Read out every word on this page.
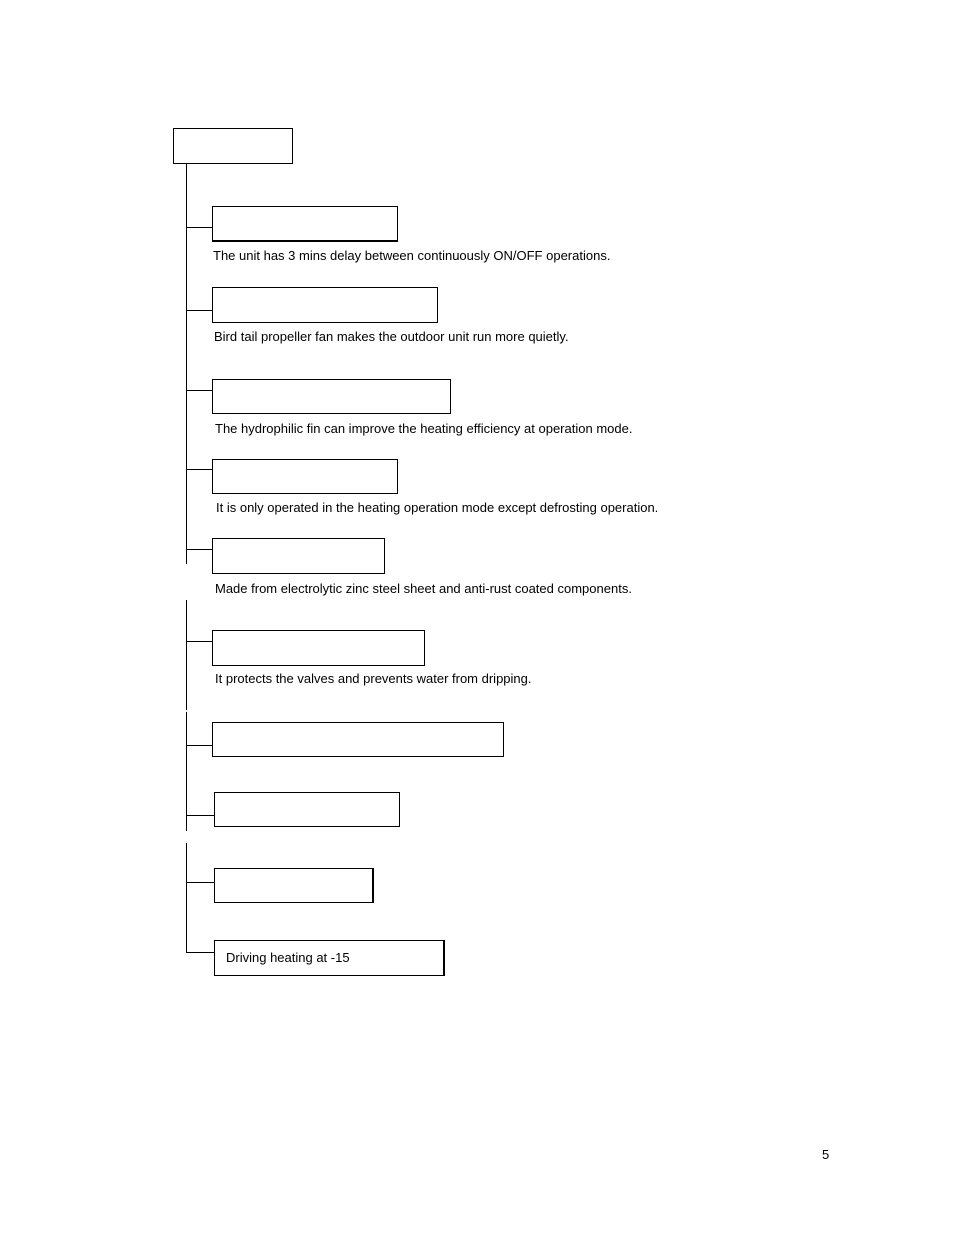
The unit has 3 mins delay between continuously ON/OFF operations.
Bird tail propeller fan makes the outdoor unit run more quietly.
The hydrophilic fin can improve the heating efficiency at operation mode.
It is only operated in the heating operation mode except defrosting operation.
Made from electrolytic zinc steel sheet and anti-rust coated components.
It protects the valves and prevents water from dripping.
Driving heating at -15
5
